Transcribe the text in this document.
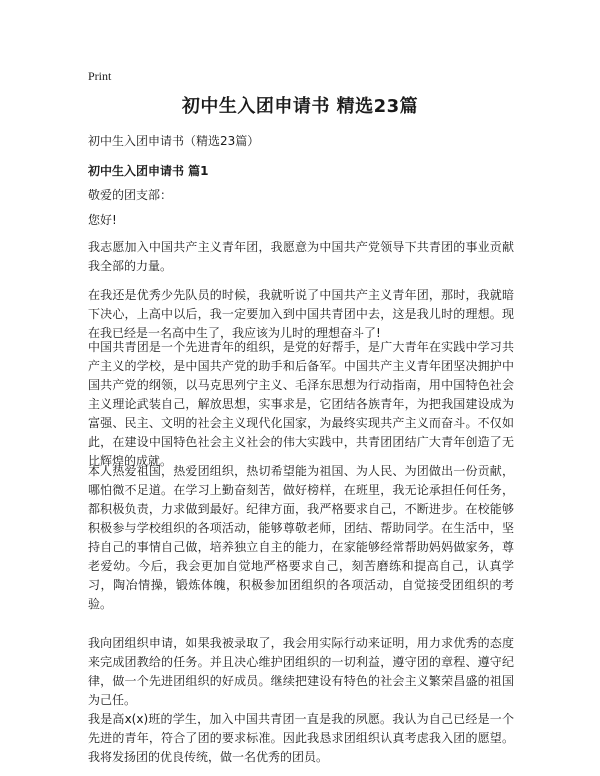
Print
初中生入团申请书 精选23篇
初中生入团申请书（精选23篇）
初中生入团申请书 篇1

敬爱的团支部：

您好!

我志愿加入中国共产主义青年团，我愿意为中国共产党领导下共青团的事业贡献我全部的力量。

在我还是优秀少先队员的时候，我就听说了中国共产主义青年团，那时，我就暗下决心，上高中以后，我一定要加入到中国共青团中去，这是我儿时的理想。现在我已经是一名高中生了，我应该为儿时的理想奋斗了!

中国共青团是一个先进青年的组织，是党的好帮手，是广大青年在实践中学习共产主义的学校，是中国共产党的助手和后备军。中国共产主义青年团坚决拥护中国共产党的纲领，以马克思列宁主义、毛泽东思想为行动指南，用中国特色社会主义理论武装自己，解放思想，实事求是，它团结各族青年，为把我国建设成为富强、民主、文明的社会主义现代化国家，为最终实现共产主义而奋斗。不仅如此，在建设中国特色社会主义社会的伟大实践中，共青团团结广大青年创造了无比辉煌的成就。

本人热爱祖国，热爱团组织，热切希望能为祖国、为人民、为团做出一份贡献，哪怕微不足道。在学习上勤奋刻苦，做好榜样，在班里，我无论承担任何任务，都积极负责，力求做到最好。纪律方面，我严格要求自己，不断进步。在校能够积极参与学校组织的各项活动，能够尊敬老师，团结、帮助同学。在生活中，坚持自己的事情自己做，培养独立自主的能力，在家能够经常帮助妈妈做家务，尊老爱幼。今后，我会更加自觉地严格要求自己，刻苦磨练和提高自己，认真学习，陶冶情操，锻炼体魄，积极参加团组织的各项活动，自觉接受团组织的考验。

我向团组织申请，如果我被录取了，我会用实际行动来证明，用力求优秀的态度来完成团教给的任务。并且决心维护团组织的一切利益，遵守团的章程、遵守纪律，做一个先进团组织的好成员。继续把建设有特色的社会主义繁荣昌盛的祖国为己任。

我是高x(x)班的学生，加入中国共青团一直是我的夙愿。我认为自己已经是一个先进的青年，符合了团的要求标准。因此我恳求团组织认真考虑我入团的愿望。我将发扬团的优良传统，做一名优秀的团员。
